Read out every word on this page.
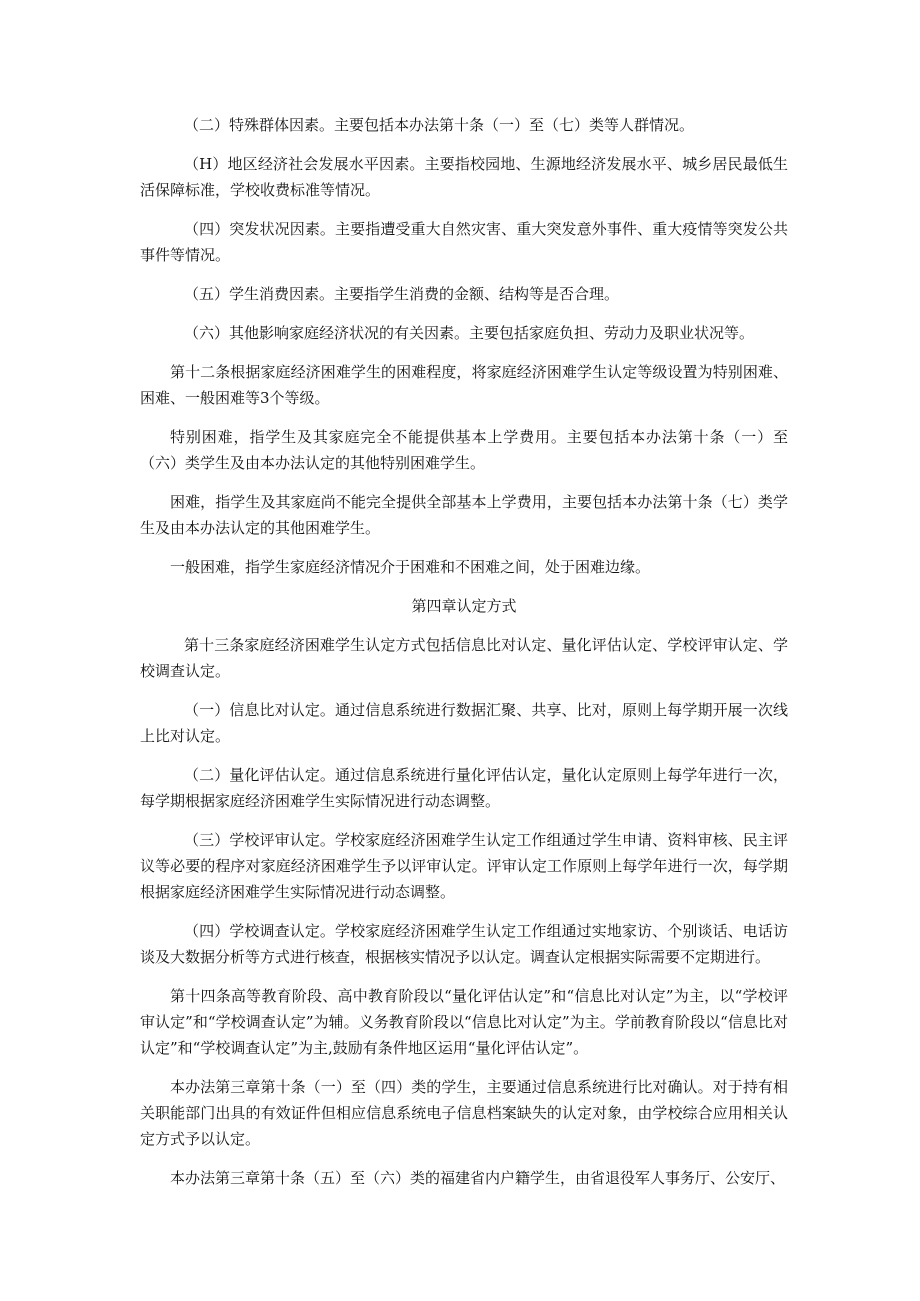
（二）特殊群体因素。主要包括本办法第十条（一）至（七）类等人群情况。

（H）地区经济社会发展水平因素。主要指校园地、生源地经济发展水平、城乡居民最低生活保障标准，学校收费标准等情况。

（四）突发状况因素。主要指遭受重大自然灾害、重大突发意外事件、重大疫情等突发公共事件等情况。

（五）学生消费因素。主要指学生消费的金额、结构等是否合理。

（六）其他影响家庭经济状况的有关因素。主要包括家庭负担、劳动力及职业状况等。

第十二条根据家庭经济困难学生的困难程度，将家庭经济困难学生认定等级设置为特别困难、困难、一般困难等3个等级。

特别困难，指学生及其家庭完全不能提供基本上学费用。主要包括本办法第十条（一）至（六）类学生及由本办法认定的其他特别困难学生。

困难，指学生及其家庭尚不能完全提供全部基本上学费用，主要包括本办法第十条（七）类学生及由本办法认定的其他困难学生。

一般困难，指学生家庭经济情况介于困难和不困难之间，处于困难边缘。

第四章认定方式

第十三条家庭经济困难学生认定方式包括信息比对认定、量化评估认定、学校评审认定、学校调查认定。

（一）信息比对认定。通过信息系统进行数据汇聚、共享、比对，原则上每学期开展一次线上比对认定。

（二）量化评估认定。通过信息系统进行量化评估认定，量化认定原则上每学年进行一次，每学期根据家庭经济困难学生实际情况进行动态调整。

（三）学校评审认定。学校家庭经济困难学生认定工作组通过学生申请、资料审核、民主评议等必要的程序对家庭经济困难学生予以评审认定。评审认定工作原则上每学年进行一次，每学期根据家庭经济困难学生实际情况进行动态调整。

（四）学校调查认定。学校家庭经济困难学生认定工作组通过实地家访、个别谈话、电话访谈及大数据分析等方式进行核查，根据核实情况予以认定。调查认定根据实际需要不定期进行。

第十四条高等教育阶段、高中教育阶段以“量化评估认定”和“信息比对认定”为主，以“学校评审认定”和“学校调查认定”为辅。义务教育阶段以“信息比对认定”为主。学前教育阶段以“信息比对认定”和“学校调查认定”为主,鼓励有条件地区运用“量化评估认定”。

本办法第三章第十条（一）至（四）类的学生，主要通过信息系统进行比对确认。对于持有相关职能部门出具的有效证件但相应信息系统电子信息档案缺失的认定对象，由学校综合应用相关认定方式予以认定。

本办法第三章第十条（五）至（六）类的福建省内户籍学生，由省退役军人事务厅、公安厅、
